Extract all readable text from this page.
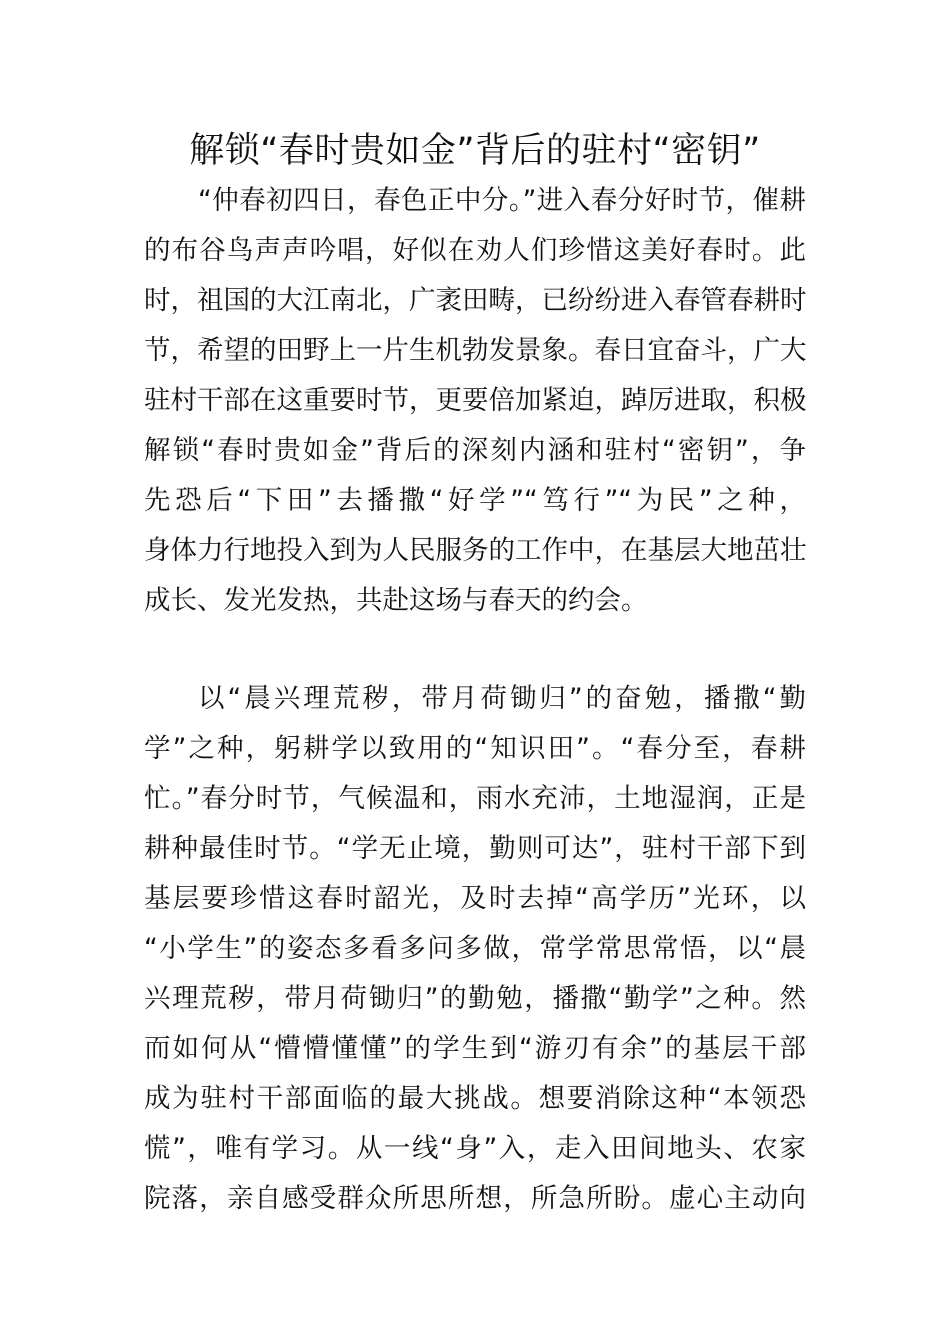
解锁“春时贵如金”背后的驻村“密钥”
“仲春初四日，春色正中分。”进入春分好时节，催耕
的布谷鸟声声吟唱，好似在劝人们珍惜这美好春时。此
时，祖国的大江南北，广袤田畴，已纷纷进入春管春耕时
节，希望的田野上一片生机勃发景象。春日宜奋斗，广大
驻村干部在这重要时节，更要倍加紧迫，踔厉进取，积极
解锁“春时贵如金”背后的深刻内涵和驻村“密钥”，争
先恐后“下田”去播撒“好学”“笃行”“为民”之种，
身体力行地投入到为人民服务的工作中，在基层大地茁壮
成长、发光发热，共赴这场与春天的约会。
以“晨兴理荒秽，带月荷锄归”的奋勉，播撒“勤
学”之种，躬耕学以致用的“知识田”。“春分至，春耕
忙。”春分时节，气候温和，雨水充沛，土地湿润，正是
耕种最佳时节。“学无止境，勤则可达”，驻村干部下到
基层要珍惜这春时韶光，及时去掉“高学历”光环，以
“小学生”的姿态多看多问多做，常学常思常悟，以“晨
兴理荒秽，带月荷锄归”的勤勉，播撒“勤学”之种。然
而如何从“懵懵懂懂”的学生到“游刃有余”的基层干部
成为驻村干部面临的最大挑战。想要消除这种“本领恐
慌”，唯有学习。从一线“身”入，走入田间地头、农家
院落，亲自感受群众所思所想，所急所盼。虚心主动向
